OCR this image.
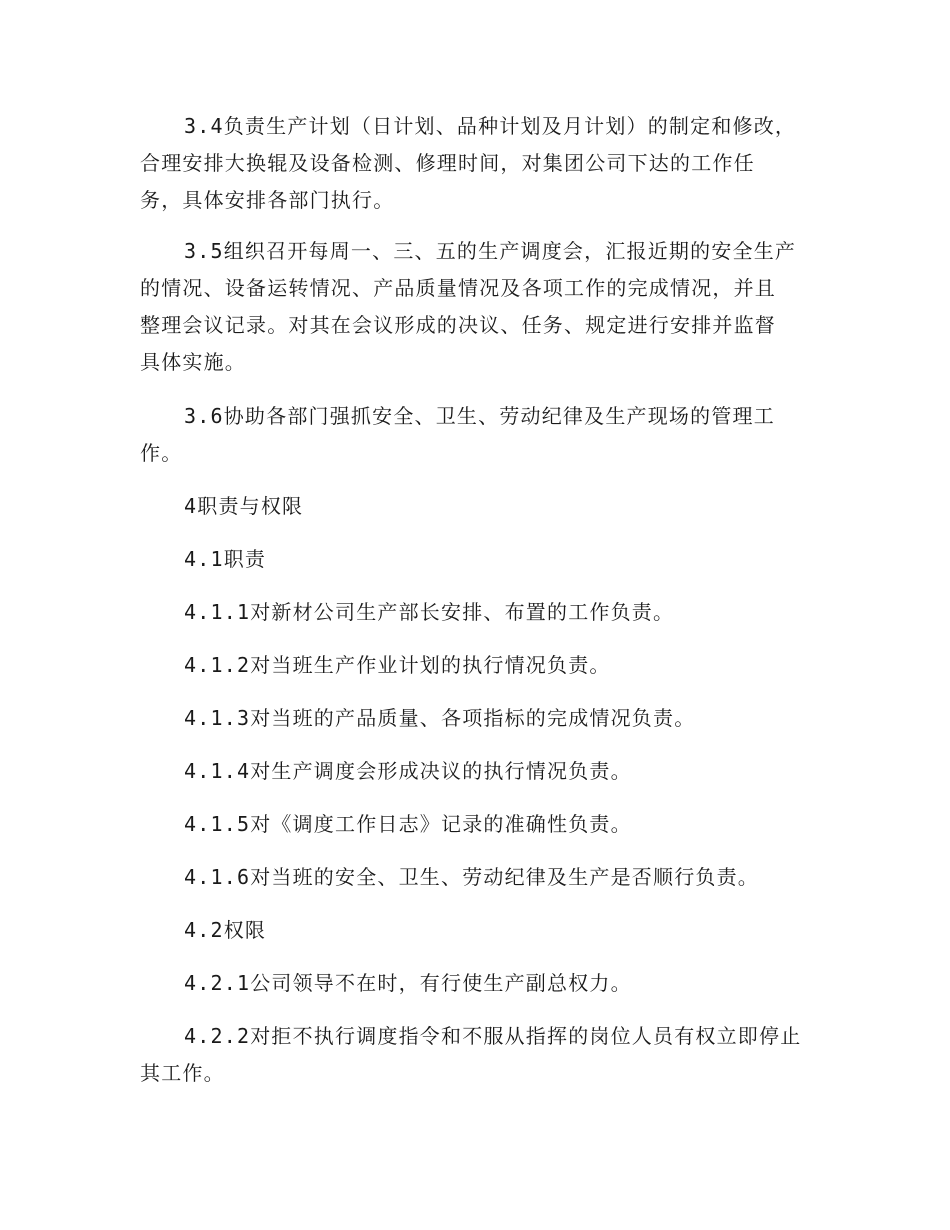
3.4负责生产计划（日计划、品种计划及月计划）的制定和修改，
合理安排大换辊及设备检测、修理时间，对集团公司下达的工作任
务，具体安排各部门执行。
3.5组织召开每周一、三、五的生产调度会，汇报近期的安全生产
的情况、设备运转情况、产品质量情况及各项工作的完成情况，并且
整理会议记录。对其在会议形成的决议、任务、规定进行安排并监督
具体实施。
3.6协助各部门强抓安全、卫生、劳动纪律及生产现场的管理工
作。
4职责与权限
4.1职责
4.1.1对新材公司生产部长安排、布置的工作负责。
4.1.2对当班生产作业计划的执行情况负责。
4.1.3对当班的产品质量、各项指标的完成情况负责。
4.1.4对生产调度会形成决议的执行情况负责。
4.1.5对《调度工作日志》记录的准确性负责。
4.1.6对当班的安全、卫生、劳动纪律及生产是否顺行负责。
4.2权限
4.2.1公司领导不在时，有行使生产副总权力。
4.2.2对拒不执行调度指令和不服从指挥的岗位人员有权立即停止
其工作。
